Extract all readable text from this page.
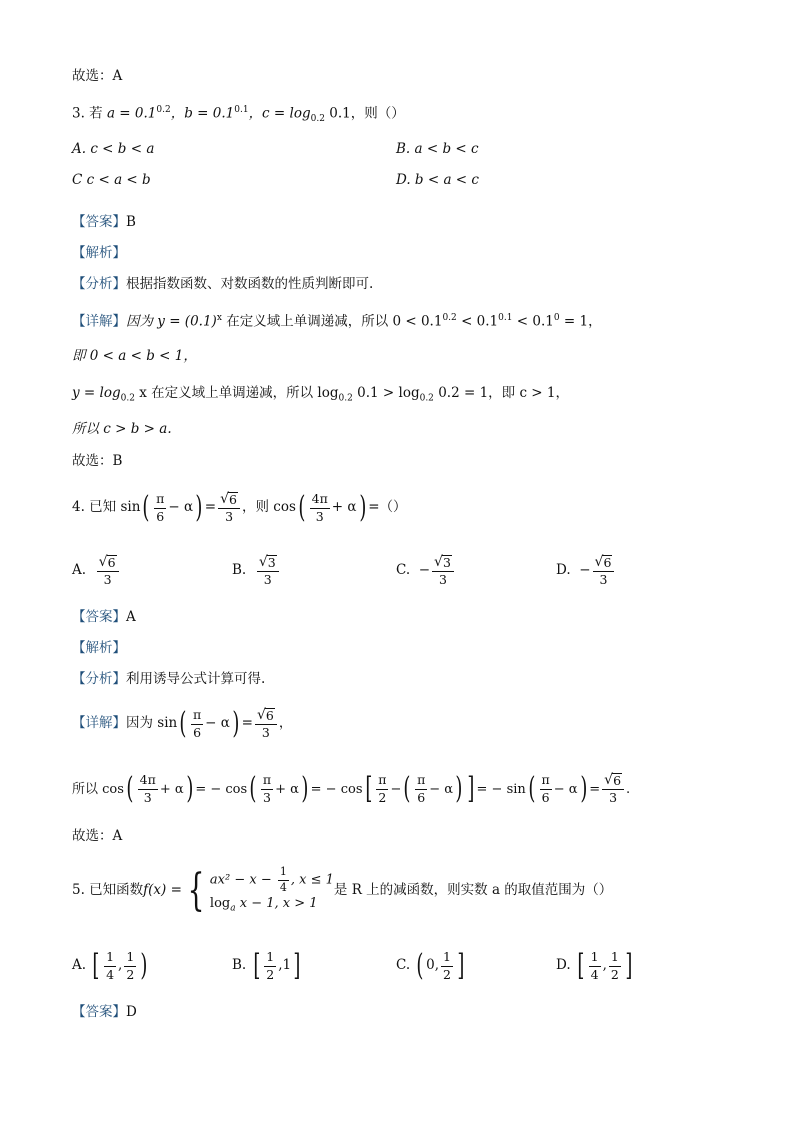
故选：A
3. 若 $a = 0.1^{0.2}$，$b = 0.1^{0.1}$，$c = \log_{0.2} 0.1$，则（）
A. c < b < a	B. a < b < c
C c < a < b	D. b < a < c
【答案】B
【解析】
【分析】根据指数函数、对数函数的性质判断即可.
【详解】因为 $y = (0.1)^x$ 在定义域上单调递减，所以 $0 < 0.1^{0.2} < 0.1^{0.1} < 0.1^0 = 1$，
即 0 < a < b < 1，
$y = \log_{0.2} x$ 在定义域上单调递减，所以 $\log_{0.2} 0.1 > \log_{0.2} 0.2 = 1$，即 c > 1，
所以 c > b > a.
故选：B
4. 已知 sin ( $\frac{\pi}{6} - \alpha$ ) = $\frac{√ 6}{3}$ ，则 cos ( $\frac{4\pi}{3} + \alpha$ ) =（）
A.
$\frac{√ 6}{3}$	B.
$\frac{√ 3}{3}$	C.
− $\frac{√ 3}{3}$	D.
− $\frac{√ 6}{3}$
【答案】A
【解析】
【分析】利用诱导公式计算可得.
【详解】 因为 sin ( $\frac{\pi}{6} - \alpha$ ) = $\frac{√ 6}{3}$ ，
所以 cos ( $\frac{4\pi}{3} + \alpha$ ) = − cos ( $\frac{\pi}{3} + \alpha$ ) = − cos [ $\frac{\pi}{2}$ − ( $\frac{\pi}{6} - \alpha$ ) ] = − sin ( $\frac{\pi}{6} - \alpha$ ) = $\frac{√ 6}{3}$ .
故选：A
5. 已知函数 f(x) = { $ax^2 - x - \frac{1}{4}$ , x ≤ 1
$\log_a x - 1$, x > 1
是 R 上的减函数，则实数 a 的取值范围为（）
A.
[ $\frac{1}{4}$ , $\frac{1}{2}$ )	B.
[ $\frac{1}{2}$ , 1 ]	C.
( 0 , $\frac{1}{2}$ ]	D.
[ $\frac{1}{4}$ , $\frac{1}{2}$ ]
【答案】D
